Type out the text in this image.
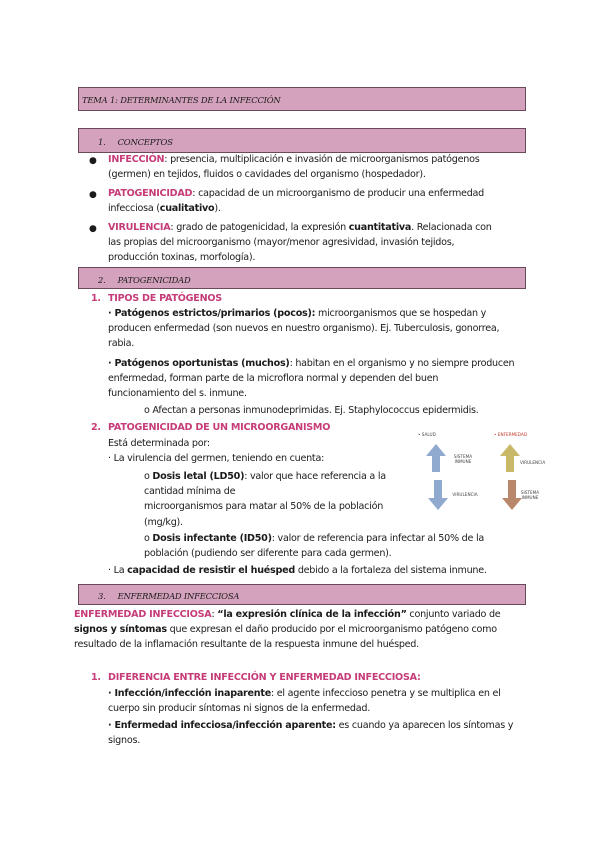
TEMA 1: DETERMINANTES DE LA INFECCIÓN
1. CONCEPTOS
● INFECCIÓN: presencia, multiplicación e invasión de microorganismos patógenos
(germen) en tejidos, fluidos o cavidades del organismo (hospedador).
● PATOGENICIDAD: capacidad de un microorganismo de producir una enfermedad
infecciosa (cualitativo).
● VIRULENCIA: grado de patogenicidad, la expresión cuantitativa. Relacionada con
las propias del microorganismo (mayor/menor agresividad, invasión tejidos,
producción toxinas, morfología).
2. PATOGENICIDAD
1. TIPOS DE PATÓGENOS
· Patógenos estrictos/primarios (pocos): microorganismos que se hospedan y
producen enfermedad (son nuevos en nuestro organismo). Ej. Tuberculosis, gonorrea,
rabia.
· Patógenos oportunistas (muchos): habitan en el organismo y no siempre producen
enfermedad, forman parte de la microflora normal y dependen del buen
funcionamiento del s. inmune.
o Afectan a personas inmunodeprimidas. Ej. Staphylococcus epidermidis.
2. PATOGENICIDAD DE UN MICROORGANISMO
Está determinada por:
· La virulencia del germen, teniendo en cuenta:
o Dosis letal (LD50): valor que hace referencia a la
cantidad mínima de
microorganismos para matar al 50% de la población
(mg/kg).
o Dosis infectante (ID50): valor de referencia para infectar al 50% de la
población (pudiendo ser diferente para cada germen).
· La capacidad de resistir el huésped debido a la fortaleza del sistema inmune.
• SALUD	• ENFERMEDAD
SISTEMA INMUNE
VIRULENCIA
VIRULENCIA
SISTEMA INMUNE
3. ENFERMEDAD INFECCIOSA
ENFERMEDAD INFECCIOSA: “la expresión clínica de la infección” conjunto variado de
signos y síntomas que expresan el daño producido por el microorganismo patógeno como
resultado de la inflamación resultante de la respuesta inmune del huésped.
1. DIFERENCIA ENTRE INFECCIÓN Y ENFERMEDAD INFECCIOSA:
· Infección/infección inaparente: el agente infeccioso penetra y se multiplica en el
cuerpo sin producir síntomas ni signos de la enfermedad.
· Enfermedad infecciosa/infección aparente: es cuando ya aparecen los síntomas y
signos.
